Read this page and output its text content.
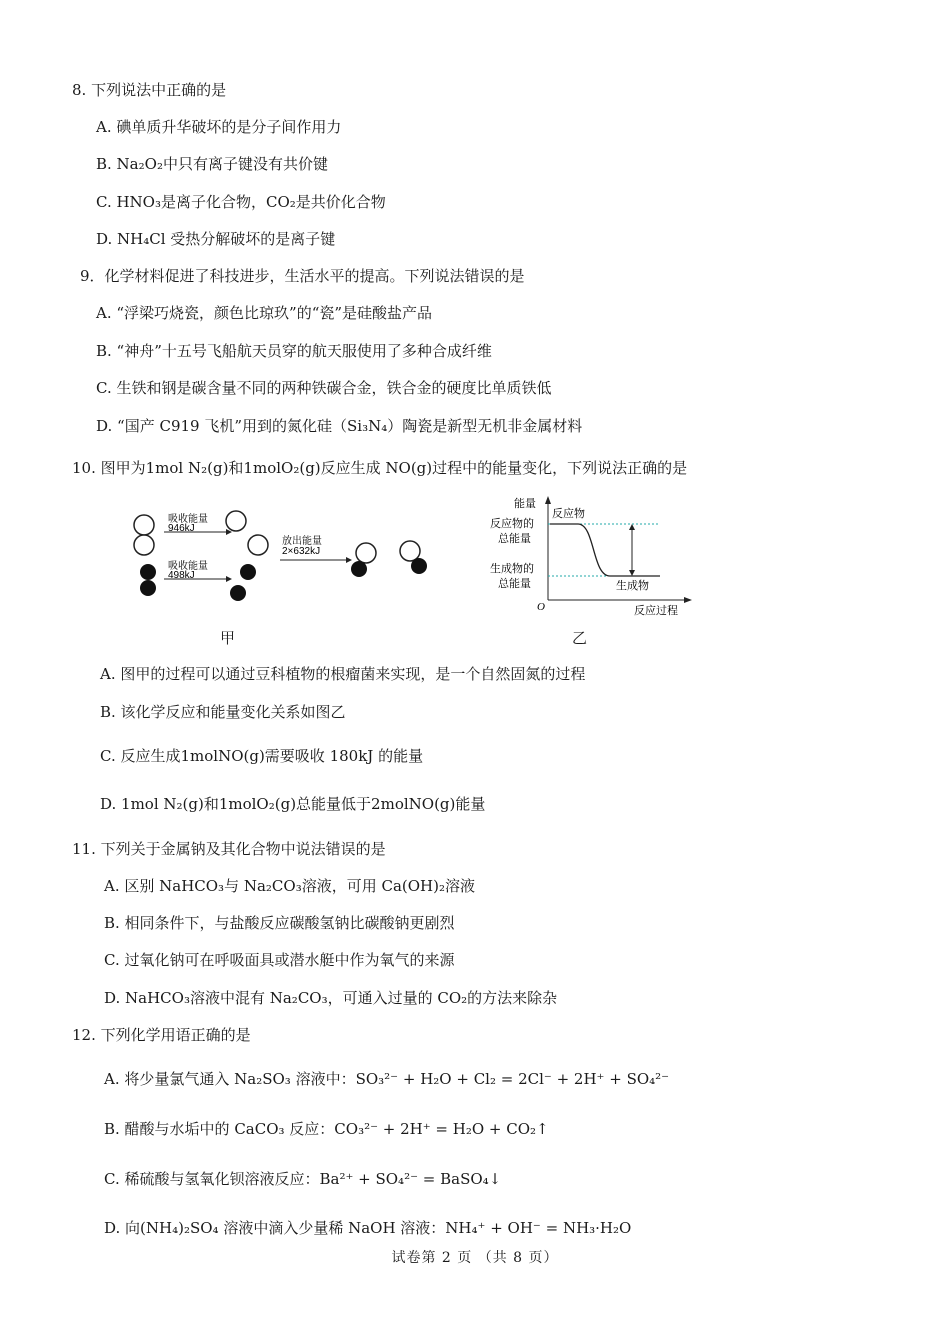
8. 下列说法中正确的是
A. 碘单质升华破坏的是分子间作用力
B. Na₂O₂中只有离子键没有共价键
C. HNO₃是离子化合物，CO₂是共价化合物
D. NH₄Cl 受热分解破坏的是离子键
9．化学材料促进了科技进步，生活水平的提高。下列说法错误的是
A. “浮梁巧烧瓷，颜色比琼玖”的“瓷”是硅酸盐产品
B. “神舟”十五号飞船航天员穿的航天服使用了多种合成纤维
C. 生铁和钢是碳含量不同的两种铁碳合金，铁合金的硬度比单质铁低
D. “国产 C919 飞机”用到的氮化硅（Si₃N₄）陶瓷是新型无机非金属材料
10. 图甲为1mol N₂(g)和1molO₂(g)反应生成 NO(g)过程中的能量变化，下列说法正确的是
吸收能量
946kJ
吸收能量
498kJ
放出能量
2×632kJ
甲
能量
反应物
反应物的
总能量
生成物的
总能量	生成物
O	反应过程
乙
A. 图甲的过程可以通过豆科植物的根瘤菌来实现，是一个自然固氮的过程
B. 该化学反应和能量变化关系如图乙
C. 反应生成1molNO(g)需要吸收 180kJ 的能量
D. 1mol N₂(g)和1molO₂(g)总能量低于2molNO(g)能量
11. 下列关于金属钠及其化合物中说法错误的是
A. 区别 NaHCO₃与 Na₂CO₃溶液，可用 Ca(OH)₂溶液
B. 相同条件下，与盐酸反应碳酸氢钠比碳酸钠更剧烈
C. 过氧化钠可在呼吸面具或潜水艇中作为氧气的来源
D. NaHCO₃溶液中混有 Na₂CO₃，可通入过量的 CO₂的方法来除杂
12. 下列化学用语正确的是
A. 将少量氯气通入 Na₂SO₃ 溶液中：SO₃²⁻ + H₂O + Cl₂ = 2Cl⁻ + 2H⁺ + SO₄²⁻
B. 醋酸与水垢中的 CaCO₃ 反应：CO₃²⁻ + 2H⁺ = H₂O + CO₂↑
C. 稀硫酸与氢氧化钡溶液反应：Ba²⁺ + SO₄²⁻ = BaSO₄↓
D. 向(NH₄)₂SO₄ 溶液中滴入少量稀 NaOH 溶液：NH₄⁺ + OH⁻ = NH₃·H₂O
试卷第 2 页 （共 8 页）
